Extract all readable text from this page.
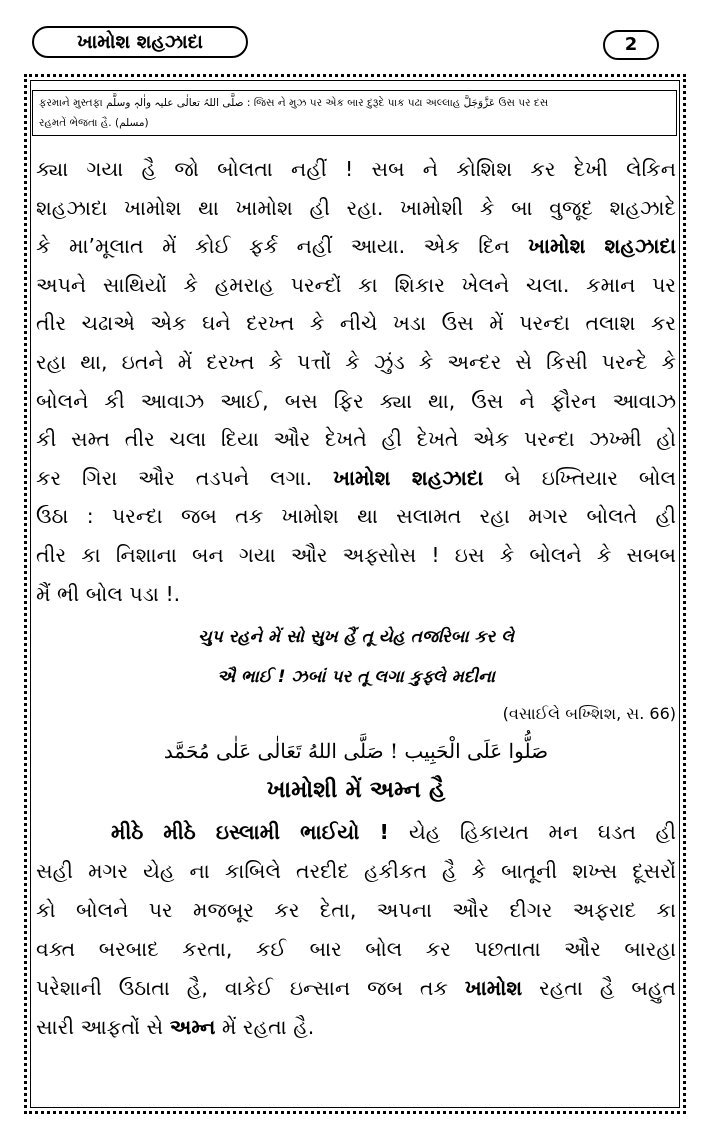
ખામોશ શહઝાદા	2
ફરમાને મુસ્તફા صلَّی اللہُ تعالٰی علیہ واٰلہٖ وسلَّم : જિસ ને મુઝ પર એક બાર દુરૂદે પાક પઢા અલ્લાહ عَزَّوَجَلَّ ઉસ પર દસ
રહમતેં ભેજતા હૈ. (مسلم)

ક્યા ગયા હૈ જો બોલતા નહીં ! સબ ને કોશિશ કર દેખી લેકિન

શહઝાદા ખામોશ થા ખામોશ હી રહા. ખામોશી કે બા વુજૂદ શહઝાદે

કે મા’મૂલાત મેં કોઈ ફર્ક નહીં આયા. એક દિન ખામોશ શહઝાદા

અપને સાથિયોં કે હમરાહ પરન્દોં કા શિકાર ખેલને ચલા. કમાન પર

તીર ચઢાએ એક ઘને દરખ્ત કે નીચે ખડા ઉસ મેં પરન્દા તલાશ કર

રહા થા, ઇતને મેં દરખ્ત કે પત્તોં કે ઝુંડ કે અન્દર સે કિસી પરન્દે કે

બોલને કી આવાઝ આઈ, બસ ફિર ક્યા થા, ઉસ ને ફૌરન આવાઝ

કી સમ્ત તીર ચલા દિયા ઔર દેખતે હી દેખતે એક પરન્દા ઝખ્મી હો

કર ગિરા ઔર તડપને લગા. ખામોશ શહઝાદા બે ઇખ્તિયાર બોલ

ઉઠા : પરન્દા જબ તક ખામોશ થા સલામત રહા મગર બોલતે હી

તીર કા નિશાના બન ગયા ઔર અફ્સોસ ! ઇસ કે બોલને કે સબબ

મૈં ભી બોલ પડા !.

ચુપ રહને મેં સો સુખ હૈં તૂ યેહ તજરિબા કર લે

ઐ ભાઈ ! ઝબાં પર તૂ લગા કુફ્લે મદીના

(વસાઈલે બખ્શિશ, સ. 66)

صَلُّوا عَلَى الْحَبِيب ! صَلَّى اللهُ تَعَالٰى عَلٰى مُحَمَّد

ખામોશી મેં અમ્ન હૈ

મીઠે મીઠે ઇસ્લામી ભાઈયો ! યેહ હિકાયત મન ઘડત હી

સહી મગર યેહ ના કાબિલે તરદીદ હકીકત હૈ કે બાતૂની શખ્સ દૂસરોં

કો બોલને પર મજબૂર કર દેતા, અપના ઔર દીગર અફરાદ કા

વક્ત બરબાદ કરતા, કઈ બાર બોલ કર પછતાતા ઔર બારહા

પરેશાની ઉઠાતા હૈ, વાકેઈ ઇન્સાન જબ તક ખામોશ રહતા હૈ બહુત

સારી આફતોં સે અમ્ન મેં રહતા હૈ.
